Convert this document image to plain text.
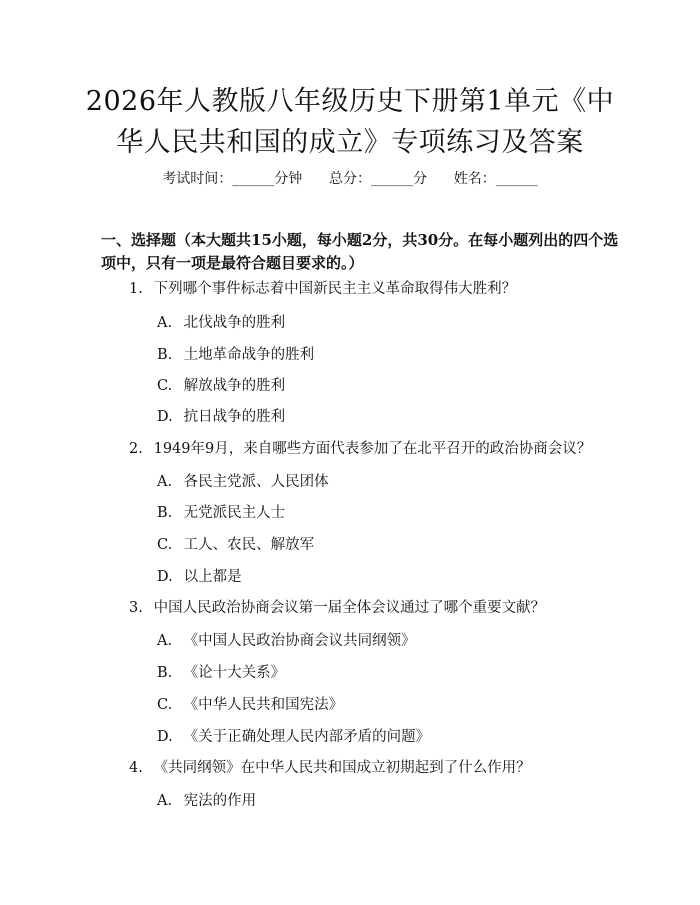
2026年人教版八年级历史下册第1单元《中
华人民共和国的成立》专项练习及答案
考试时间：______分钟      总分：______分      姓名：______
一、选择题（本大题共15小题，每小题2分，共30分。在每小题列出的四个选
项中，只有一项是最符合题目要求的。）
1. 下列哪个事件标志着中国新民主主义革命取得伟大胜利？
A. 北伐战争的胜利
B. 土地革命战争的胜利
C. 解放战争的胜利
D. 抗日战争的胜利
2. 1949年9月，来自哪些方面代表参加了在北平召开的政治协商会议？
A. 各民主党派、人民团体
B. 无党派民主人士
C. 工人、农民、解放军
D. 以上都是
3. 中国人民政治协商会议第一届全体会议通过了哪个重要文献？
A. 《中国人民政治协商会议共同纲领》
B. 《论十大关系》
C. 《中华人民共和国宪法》
D. 《关于正确处理人民内部矛盾的问题》
4. 《共同纲领》在中华人民共和国成立初期起到了什么作用？
A. 宪法的作用
